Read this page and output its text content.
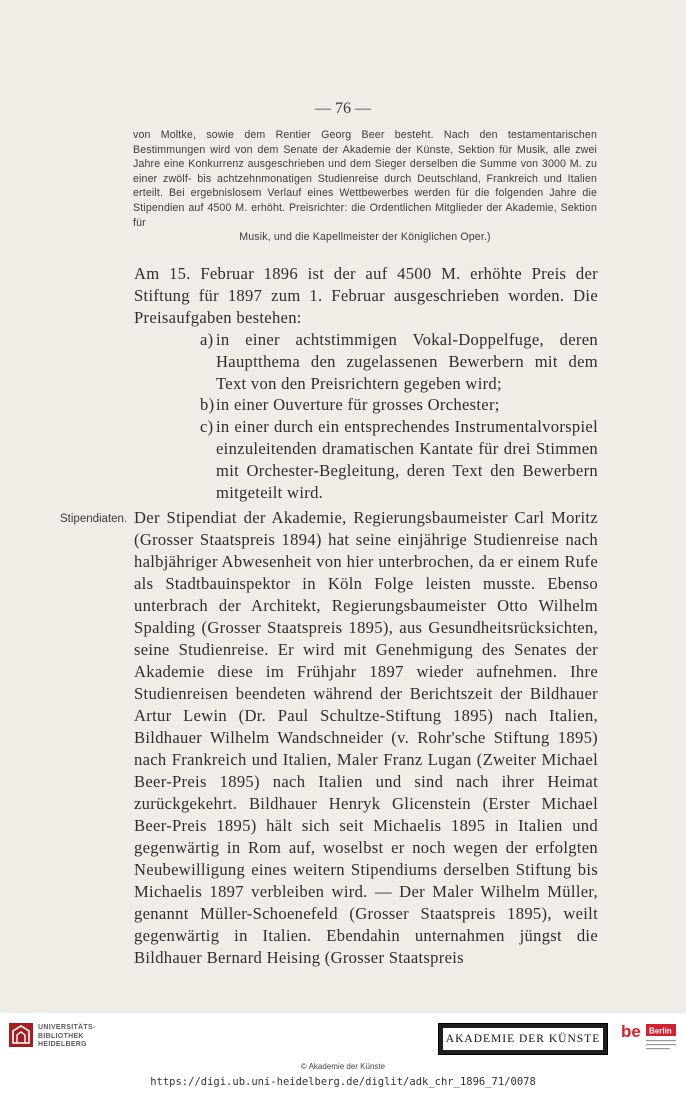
— 76 —
von Moltke, sowie dem Rentier Georg Beer besteht. Nach den testamentarischen Bestimmungen wird von dem Senate der Akademie der Künste, Sektion für Musik, alle zwei Jahre eine Konkurrenz ausgeschrieben und dem Sieger derselben die Summe von 3000 M. zu einer zwölf- bis achtzehnmonatigen Studienreise durch Deutschland, Frankreich und Italien erteilt. Bei ergebnislosem Verlauf eines Wettbewerbes werden für die folgenden Jahre die Stipendien auf 4500 M. erhöht. Preisrichter: die Ordentlichen Mitglieder der Akademie, Sektion für
Musik, und die Kapellmeister der Königlichen Oper.)

Am 15. Februar 1896 ist der auf 4500 M. erhöhte Preis der Stiftung für 1897 zum 1. Februar ausgeschrieben worden. Die Preisaufgaben bestehen:

a) in einer achtstimmigen Vokal-Doppelfuge, deren Hauptthema den zugelassenen Bewerbern mit dem Text von den Preisrichtern gegeben wird;
b) in einer Ouverture für grosses Orchester;
c) in einer durch ein entsprechendes Instrumentalvorspiel einzuleitenden dramatischen Kantate für drei Stimmen mit Orchester-Begleitung, deren Text den Bewerbern mitgeteilt wird.
Stipendiaten. Der Stipendiat der Akademie, Regierungsbaumeister Carl Moritz (Grosser Staatspreis 1894) hat seine einjährige Studienreise nach halbjähriger Abwesenheit von hier unterbrochen, da er einem Rufe als Stadtbauinspektor in Köln Folge leisten musste. Ebenso unterbrach der Architekt, Regierungsbaumeister Otto Wilhelm Spalding (Grosser Staatspreis 1895), aus Gesundheitsrücksichten, seine Studienreise. Er wird mit Genehmigung des Senates der Akademie diese im Frühjahr 1897 wieder aufnehmen. Ihre Studienreisen beendeten während der Berichtszeit der Bildhauer Artur Lewin (Dr. Paul Schultze-Stiftung 1895) nach Italien, Bildhauer Wilhelm Wandschneider (v. Rohr'sche Stiftung 1895) nach Frankreich und Italien, Maler Franz Lugan (Zweiter Michael Beer-Preis 1895) nach Italien und sind nach ihrer Heimat zurückgekehrt. Bildhauer Henryk Glicenstein (Erster Michael Beer-Preis 1895) hält sich seit Michaelis 1895 in Italien und gegenwärtig in Rom auf, woselbst er noch wegen der erfolgten Neubewilligung eines weitern Stipendiums derselben Stiftung bis Michaelis 1897 verbleiben wird. — Der Maler Wilhelm Müller, genannt Müller-Schoenefeld (Grosser Staatspreis 1895), weilt gegenwärtig in Italien. Ebendahin unternahmen jüngst die Bildhauer Bernard Heising (Grosser Staatspreis

UNIVERSITÄTS-
BIBLIOTHEK
HEIDELBERG	AKADEMIE DER KÜNSTE be Berlin
© Akademie der Künste
https://digi.ub.uni-heidelberg.de/diglit/adk_chr_1896_71/0078
